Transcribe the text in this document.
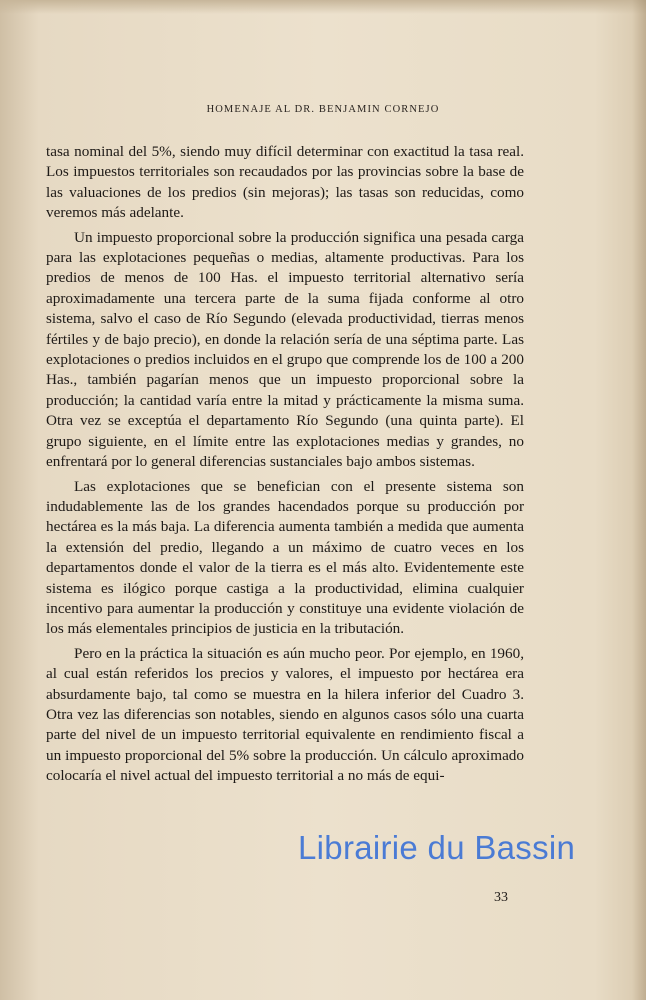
HOMENAJE AL DR. BENJAMIN CORNEJO

tasa nominal del 5%, siendo muy difícil determinar con exactitud la tasa real. Los impuestos territoriales son recaudados por las provincias sobre la base de las valuaciones de los predios (sin mejoras); las tasas son reducidas, como veremos más adelante.

Un impuesto proporcional sobre la producción significa una pesada carga para las explotaciones pequeñas o medias, altamente productivas. Para los predios de menos de 100 Has. el impuesto territorial alternativo sería aproximadamente una tercera parte de la suma fijada conforme al otro sistema, salvo el caso de Río Segundo (elevada productividad, tierras menos fértiles y de bajo precio), en donde la relación sería de una séptima parte. Las explotaciones o predios incluidos en el grupo que comprende los de 100 a 200 Has., también pagarían menos que un impuesto proporcional sobre la producción; la cantidad varía entre la mitad y prácticamente la misma suma. Otra vez se exceptúa el departamento Río Segundo (una quinta parte). El grupo siguiente, en el límite entre las explotaciones medias y grandes, no enfrentará por lo general diferencias sustanciales bajo ambos sistemas.

Las explotaciones que se benefician con el presente sistema son indudablemente las de los grandes hacendados porque su producción por hectárea es la más baja. La diferencia aumenta también a medida que aumenta la extensión del predio, llegando a un máximo de cuatro veces en los departamentos donde el valor de la tierra es el más alto. Evidentemente este sistema es ilógico porque castiga a la productividad, elimina cualquier incentivo para aumentar la producción y constituye una evidente violación de los más elementales principios de justicia en la tributación.

Pero en la práctica la situación es aún mucho peor. Por ejemplo, en 1960, al cual están referidos los precios y valores, el impuesto por hectárea era absurdamente bajo, tal como se muestra en la hilera inferior del Cuadro 3. Otra vez las diferencias son notables, siendo en algunos casos sólo una cuarta parte del nivel de un impuesto territorial equivalente en rendimiento fiscal a un impuesto proporcional del 5% sobre la producción. Un cálculo aproximado colocaría el nivel actual del impuesto territorial a no más de equi-

Librairie du Bassin
33
